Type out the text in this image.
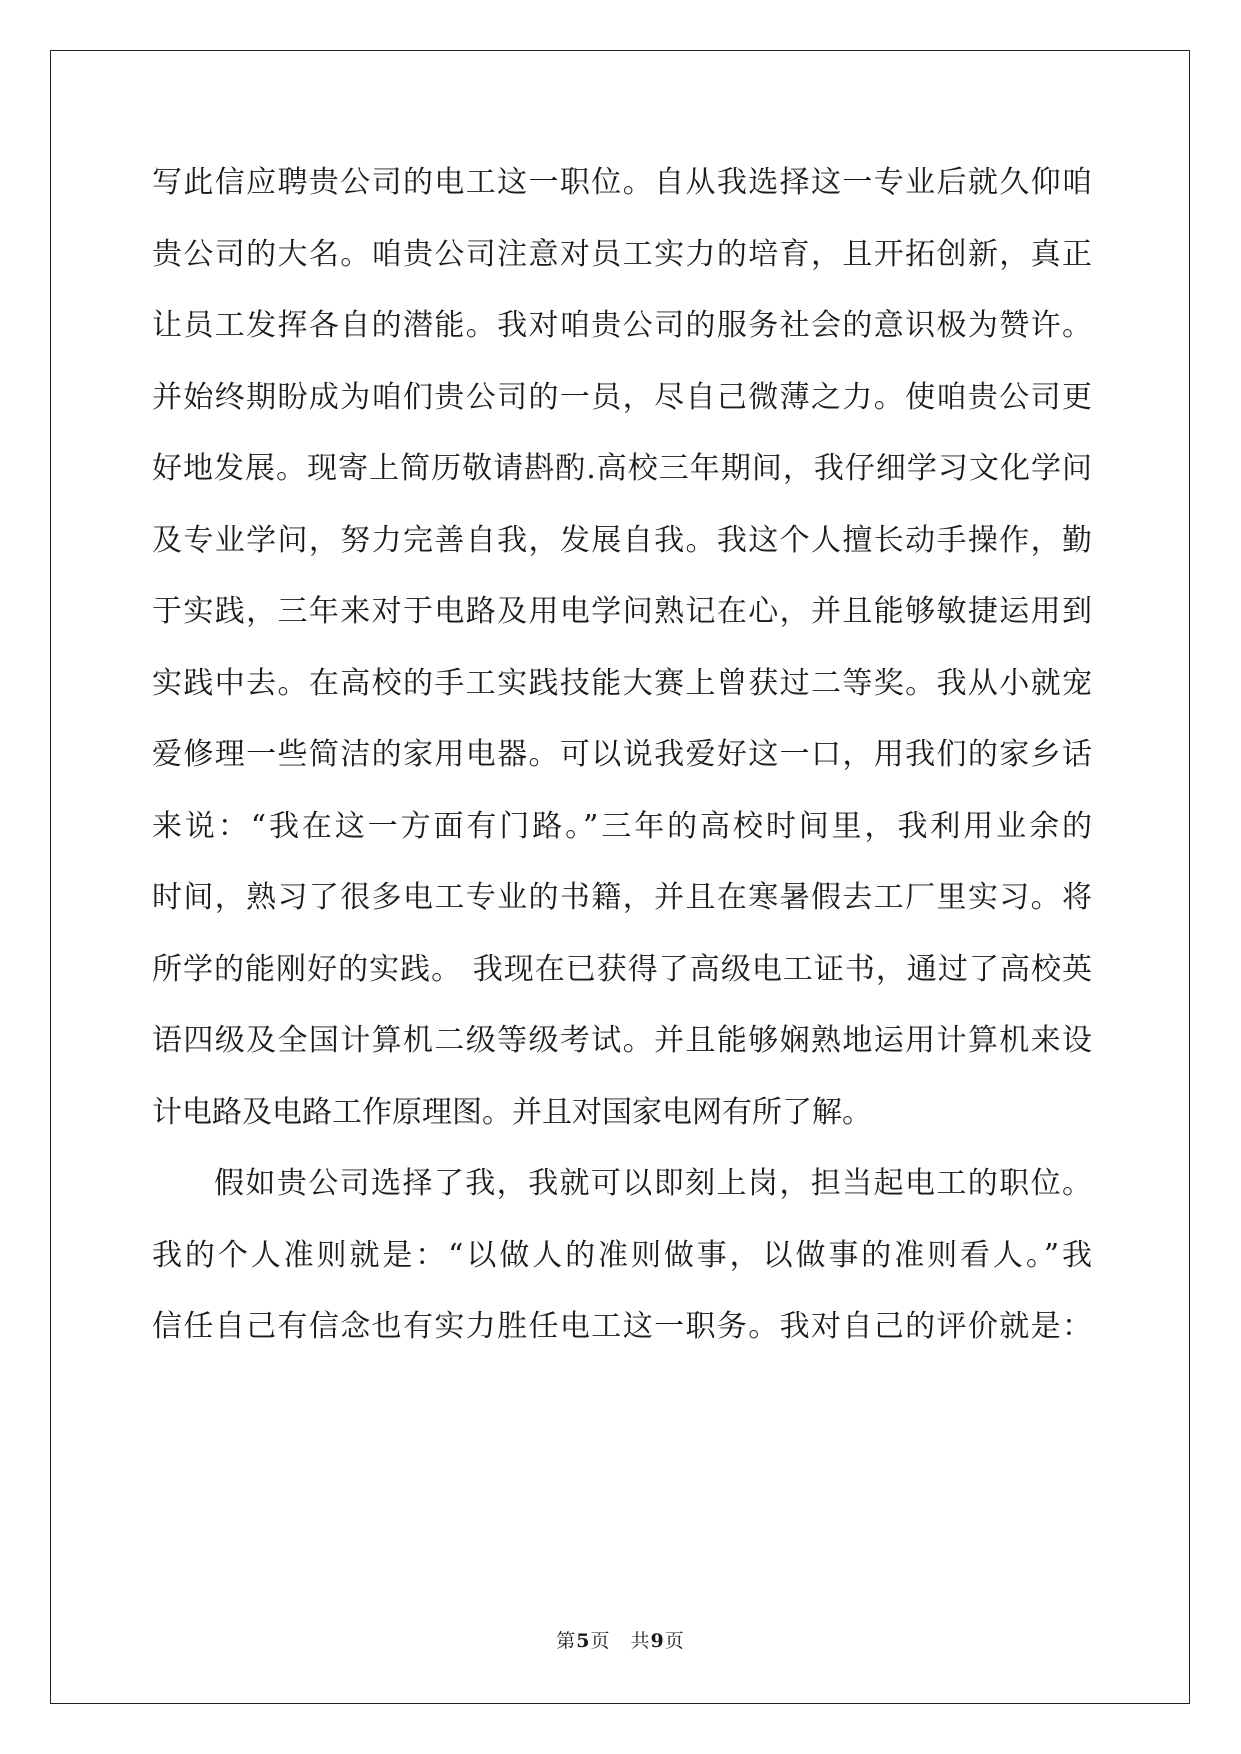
写此信应聘贵公司的电工这一职位。自从我选择这一专业后就久仰咱
贵公司的大名。咱贵公司注意对员工实力的培育，且开拓创新，真正
让员工发挥各自的潜能。我对咱贵公司的服务社会的意识极为赞许。
并始终期盼成为咱们贵公司的一员，尽自己微薄之力。使咱贵公司更
好地发展。现寄上简历敬请斟酌.高校三年期间，我仔细学习文化学问
及专业学问，努力完善自我，发展自我。我这个人擅长动手操作，勤
于实践，三年来对于电路及用电学问熟记在心，并且能够敏捷运用到
实践中去。在高校的手工实践技能大赛上曾获过二等奖。我从小就宠
爱修理一些简洁的家用电器。可以说我爱好这一口，用我们的家乡话
来说：“我在这一方面有门路。”三年的高校时间里，我利用业余的
时间，熟习了很多电工专业的书籍，并且在寒暑假去工厂里实习。将
所学的能刚好的实践。 我现在已获得了高级电工证书，通过了高校英
语四级及全国计算机二级等级考试。并且能够娴熟地运用计算机来设
计电路及电路工作原理图。并且对国家电网有所了解。
假如贵公司选择了我，我就可以即刻上岗，担当起电工的职位。
我的个人准则就是：“以做人的准则做事，以做事的准则看人。”我
信任自己有信念也有实力胜任电工这一职务。我对自己的评价就是：
第5页 共9页
